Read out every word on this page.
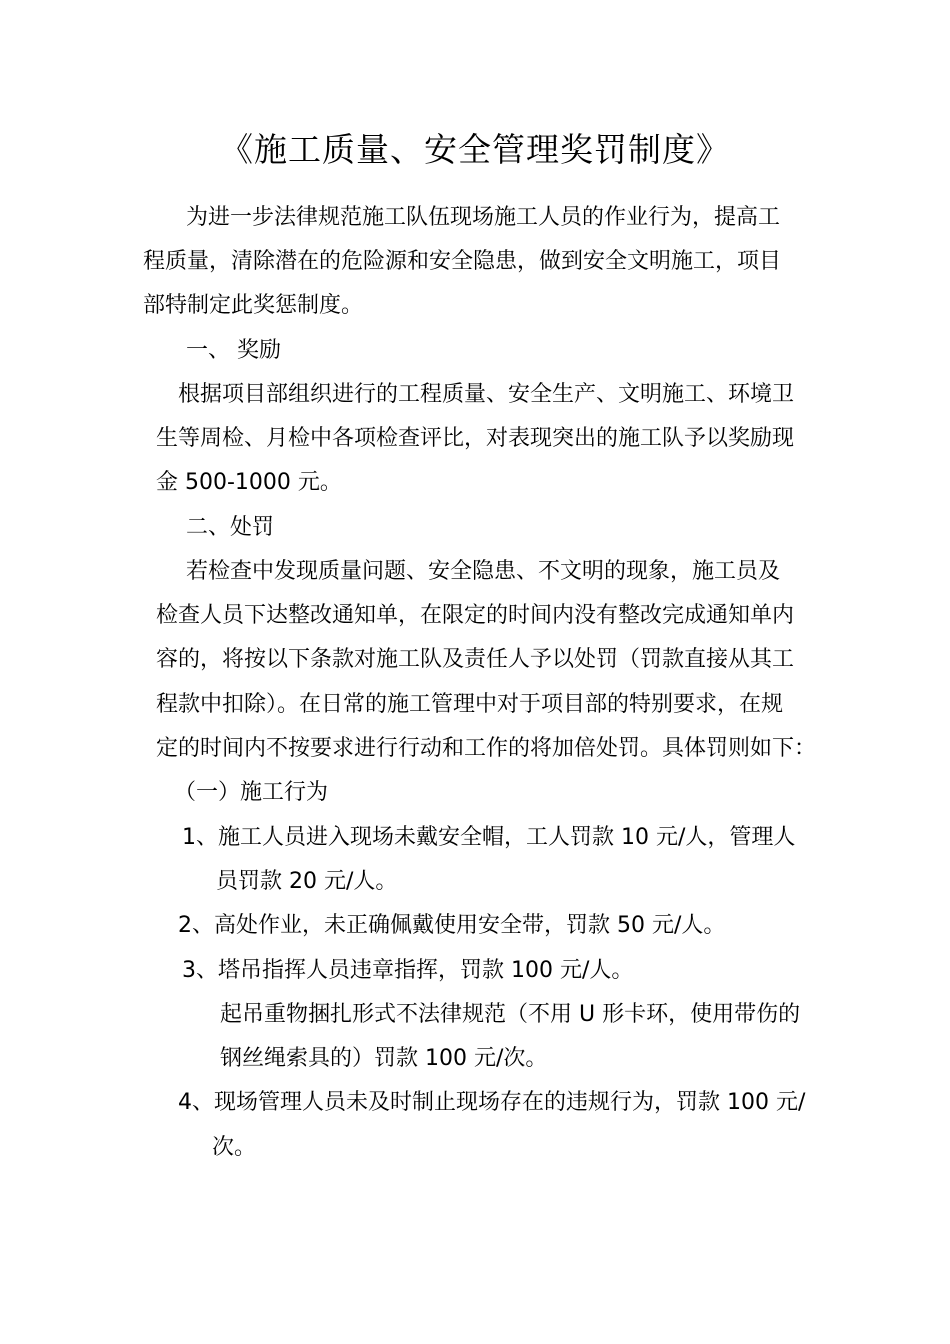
《施工质量、安全管理奖罚制度》
为进一步法律规范施工队伍现场施工人员的作业行为，提高工
程质量，清除潜在的危险源和安全隐患，做到安全文明施工，项目
部特制定此奖惩制度。
一、 奖励
根据项目部组织进行的工程质量、安全生产、文明施工、环境卫
生等周检、月检中各项检查评比，对表现突出的施工队予以奖励现
金 500-1000 元。
二、处罚
若检查中发现质量问题、安全隐患、不文明的现象，施工员及
检查人员下达整改通知单，在限定的时间内没有整改完成通知单内
容的，将按以下条款对施工队及责任人予以处罚（罚款直接从其工
程款中扣除）。在日常的施工管理中对于项目部的特别要求，在规
定的时间内不按要求进行行动和工作的将加倍处罚。具体罚则如下：
（一）施工行为
1、施工人员进入现场未戴安全帽，工人罚款 10 元/人，管理人
员罚款 20 元/人。
2、高处作业，未正确佩戴使用安全带，罚款 50 元/人。
3、塔吊指挥人员违章指挥，罚款 100 元/人。
起吊重物捆扎形式不法律规范（不用 U 形卡环，使用带伤的
钢丝绳索具的）罚款 100 元/次。
4、现场管理人员未及时制止现场存在的违规行为，罚款 100 元/
次。
